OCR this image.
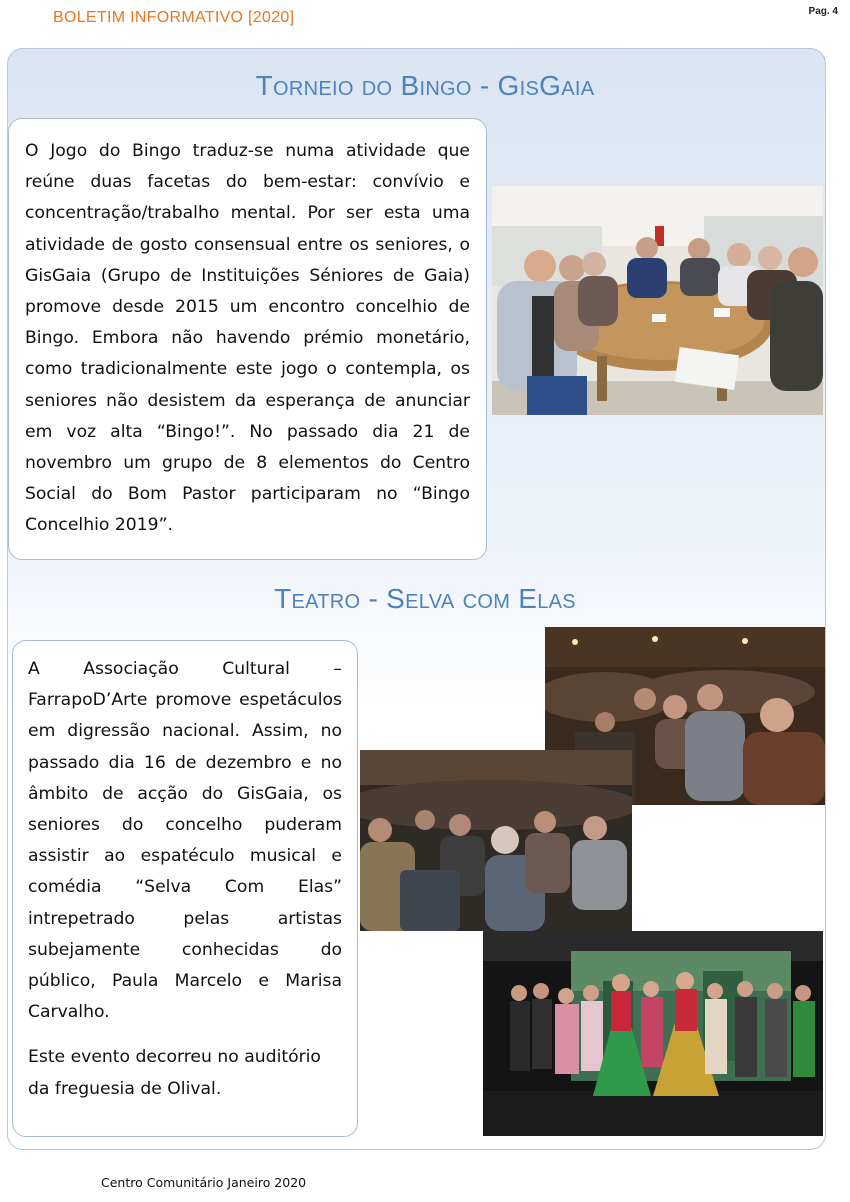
BOLETIM INFORMATIVO [2020]	Pag. 4
Torneio do Bingo - GisGaia

O Jogo do Bingo traduz-se numa atividade que reúne duas facetas do bem-estar: convívio e concentração/trabalho mental. Por ser esta uma atividade de gosto consensual entre os seniores, o GisGaia (Grupo de Instituições Séniores de Gaia) promove desde 2015 um encontro concelhio de Bingo. Embora não havendo prémio monetário, como tradicionalmente este jogo o contempla, os seniores não desistem da esperança de anunciar em voz alta “Bingo!”. No passado dia 21 de novembro um grupo de 8 elementos do Centro Social do Bom Pastor participaram no “Bingo Concelhio 2019”.

Teatro - Selva com Elas

A Associação Cultural – FarrapoD’Arte promove espetáculos em digressão nacional. Assim, no passado dia 16 de dezembro e no âmbito de acção do GisGaia, os seniores do concelho puderam assistir ao espatéculo musical e comédia “Selva Com Elas” intrepetrado pelas artistas subejamente conhecidas do público, Paula Marcelo e Marisa Carvalho.

Este evento decorreu no auditório da freguesia de Olival.

Centro Comunitário Janeiro 2020
